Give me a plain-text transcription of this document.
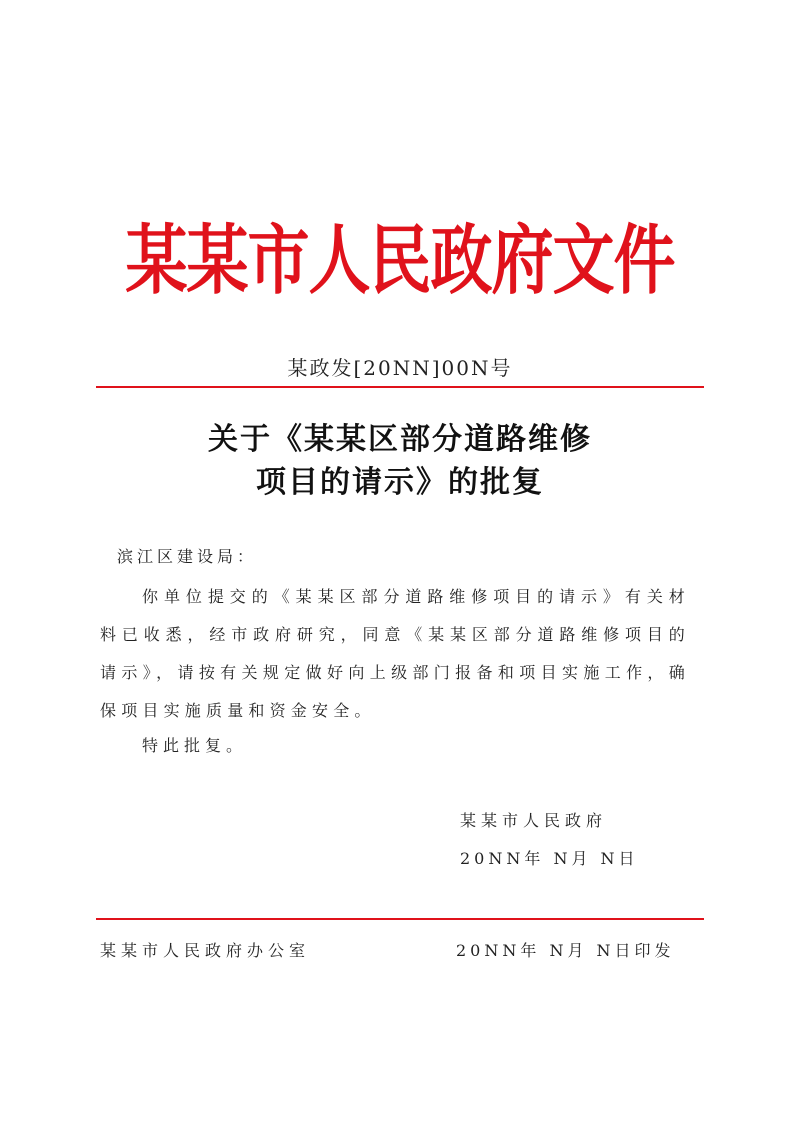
某某市人民政府文件
某政发[20NN]00N号
关于《某某区部分道路维修
项目的请示》的批复
滨江区建设局：
你单位提交的《某某区部分道路维修项目的请示》有关材料已收悉，经市政府研究，同意《某某区部分道路维修项目的请示》，请按有关规定做好向上级部门报备和项目实施工作，确保项目实施质量和资金安全。
特此批复。
某某市人民政府
20NN年 N月 N日
某某市人民政府办公室	20NN年 N月 N日印发
